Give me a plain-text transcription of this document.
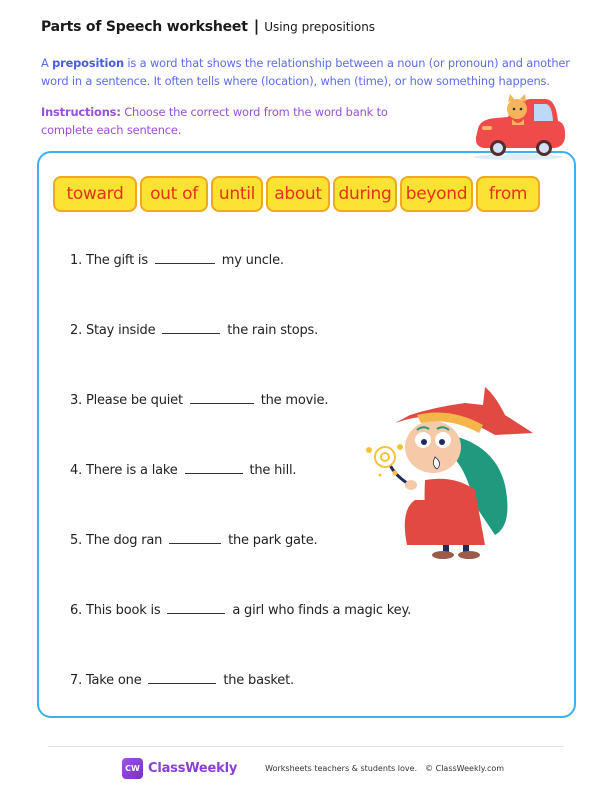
Parts of Speech worksheet | Using prepositions

A preposition is a word that shows the relationship between a noun (or pronoun) and another word in a sentence. It often tells where (location), when (time), or how something happens.

Instructions: Choose the correct word from the word bank to complete each sentence.

toward	out of	until	about during beyond	from
1. The gift is	my uncle.
2. Stay inside	the rain stops.
3. Please be quiet	the movie.
4. There is a lake	the hill.
5. The dog ran	the park gate.
6. This book is	a girl who finds a magic key.
7. Take one	the basket.
CW ClassWeekly	Worksheets teachers & students love. © ClassWeekly.com
